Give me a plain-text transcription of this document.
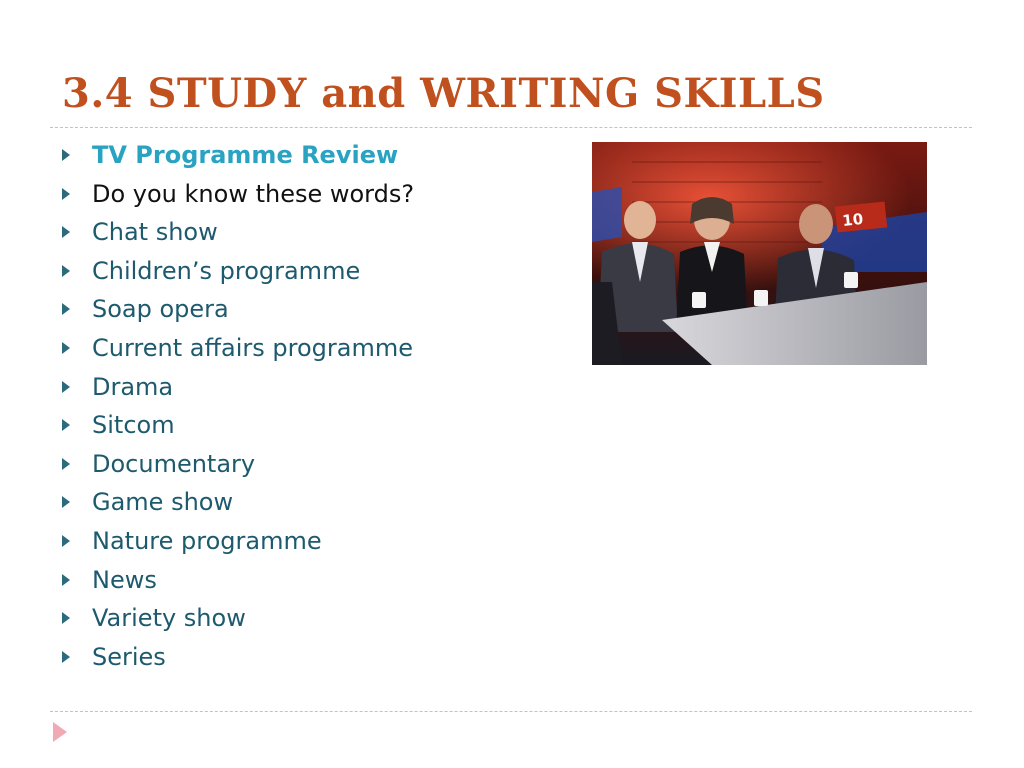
3.4 STUDY and WRITING SKILLS
TV Programme Review
Do you know these words?
Chat show
Children’s programme
Soap opera
Current affairs programme
Drama
Sitcom
Documentary
Game show
Nature programme
News
Variety show
Series
10
